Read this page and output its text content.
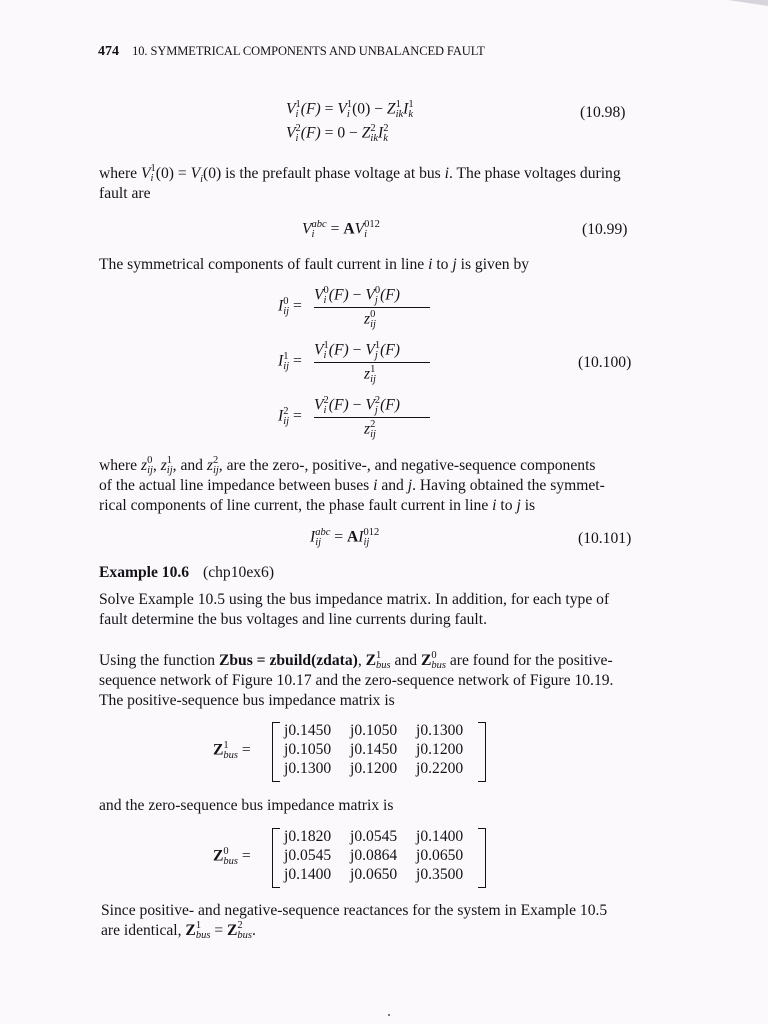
474 10. SYMMETRICAL COMPONENTS AND UNBALANCED FAULT
V 1
i (F) = V 1
i (0) − Z 1
ik I 1
k
V 2
i (F) = 0 − Z 2
ik I 2
k
(10.98)
where V 1
i $(0) = V_i(0)$ is the prefault phase voltage at bus i. The phase voltages during fault are
V abc
i	= AV 012
i	(10.99)
The symmetrical components of fault current in line i to j is given by
I 0
ij =
V 0
i (F) − V 0
j (F)
z 0
ij
I 1
ij =
V 1
i (F) − V 1
j (F)
z 1
ij
(10.100)
I 2
ij =
V 2
i (F) − V 2
j (F)
z 2
ij
where z 0
ij , z 1
ij , and z 2
ij , are the zero-, positive-, and negative-sequence components
of the actual line impedance between buses i and j. Having obtained the symmet-
rical components of line current, the phase fault current in line i to j is
I abc
ij = AI 012
ij	(10.101)
Example 10.6 (chp10ex6)
Solve Example 10.5 using the bus impedance matrix. In addition, for each type of
fault determine the bus voltages and line currents during fault.
Using the function Zbus = zbuild(zdata), Z 1
bus and Z 0
bus are found for the positive-
sequence network of Figure 10.17 and the zero-sequence network of Figure 10.19.
The positive-sequence bus impedance matrix is
Z 1
bus =
j0.1450 j0.1050 j0.1300
j0.1050 j0.1450 j0.1200
j0.1300 j0.1200 j0.2200
and the zero-sequence bus impedance matrix is
Z 0
bus =
j0.1820 j0.0545 j0.1400
j0.0545 j0.0864 j0.0650
j0.1400 j0.0650 j0.3500
Since positive- and negative-sequence reactances for the system in Example 10.5
are identical, Z 1
bus = Z 2
bus .
